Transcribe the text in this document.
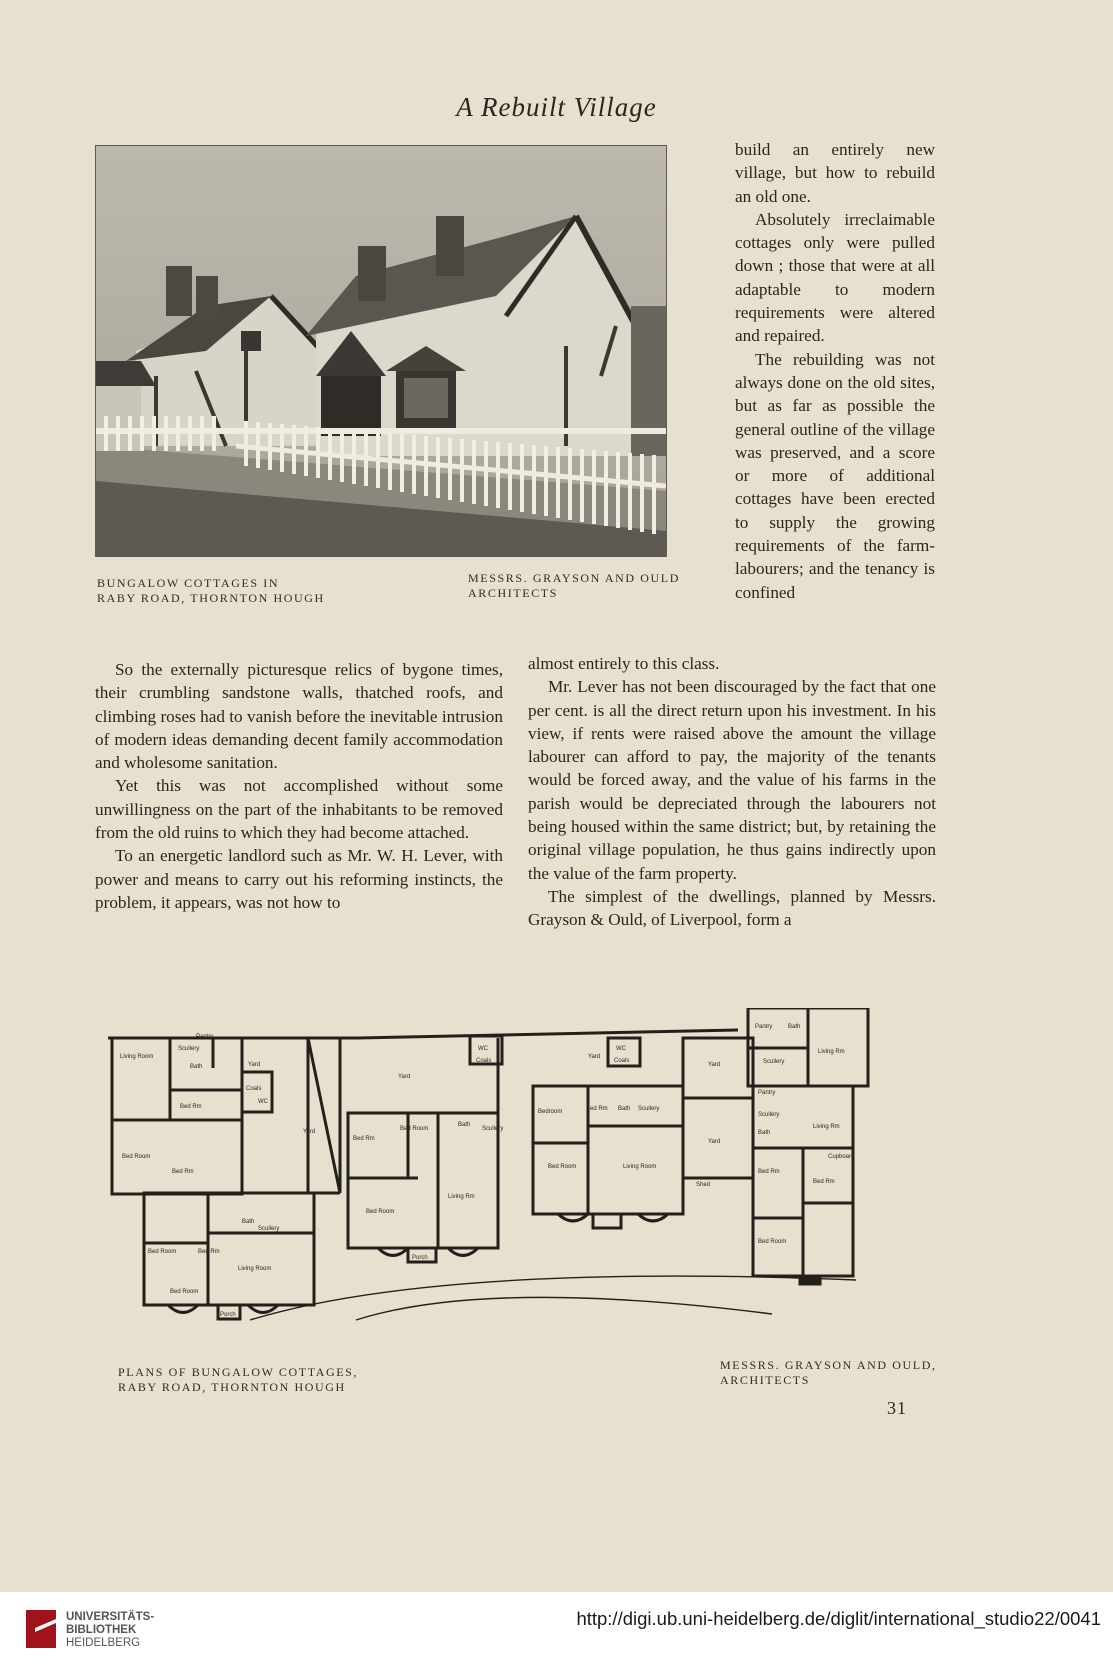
A Rebuilt Village
BUNGALOW COTTAGES IN
RABY ROAD, THORNTON HOUGH
MESSRS. GRAYSON AND OULD
ARCHITECTS

build an entirely new village, but how to rebuild an old one.

Absolutely irreclaimable cottages only were pulled down ; those that were at all adaptable to modern requirements were altered and repaired.

The rebuilding was not always done on the old sites, but as far as possible the general outline of the village was preserved, and a score or more of additional cottages have been erected to supply the growing requirements of the farm-labourers; and the tenancy is confined

So the externally picturesque relics of bygone times, their crumbling sandstone walls, thatched roofs, and climbing roses had to vanish before the inevitable intrusion of modern ideas demanding decent family accommodation and wholesome sanitation.

Yet this was not accomplished without some unwillingness on the part of the inhabitants to be removed from the old ruins to which they had become attached.

To an energetic landlord such as Mr. W. H. Lever, with power and means to carry out his reforming instincts, the problem, it appears, was not how to

almost entirely to this class.

Mr. Lever has not been discouraged by the fact that one per cent. is all the direct return upon his investment. In his view, if rents were raised above the amount the village labourer can afford to pay, the majority of the tenants would be forced away, and the value of his farms in the parish would be depreciated through the labourers not being housed within the same district; but, by retaining the original village population, he thus gains indirectly upon the value of the farm property.

The simplest of the dwellings, planned by Messrs. Grayson & Ould, of Liverpool, form a

Living Room
Scullery
Pantry
Bath	Yard
Coals
WC
Bed Rm
Bed Room
Bed Rm
Yard
WC
Coals
Yard
Bed Rm
Bed Room
Bath
Scullery
Bed Room
Living Rm
Porch
Bed Room	Bed Rm
Bath
Scullery
Bed Room
Living Room
Porch
Yard
WC
Coals
Bedroom	Bed Rm Bath Scullery
Bed Room	Living Room
Yard
Shed
Yard
Pantry	Bath
Scullery
Living Rm
Pantry
Scullery
Bath
Living Rm
Bed Rm
Bed Rm
Bed Room
Cupboard
PLANS OF BUNGALOW COTTAGES,
RABY ROAD, THORNTON HOUGH
MESSRS. GRAYSON AND OULD,
ARCHITECTS
31
UNIVERSITÄTS-
BIBLIOTHEK
HEIDELBERG
http://digi.ub.uni-heidelberg.de/diglit/international_studio22/0041
